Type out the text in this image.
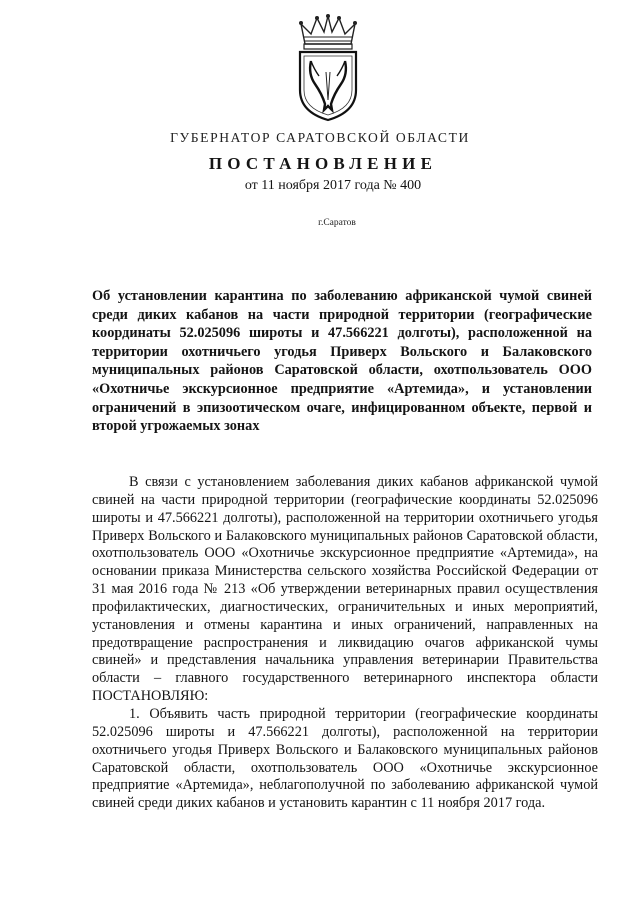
ГУБЕРНАТОР САРАТОВСКОЙ ОБЛАСТИ
ПОСТАНОВЛЕНИЕ
от 11 ноября 2017 года № 400
г.Саратов
Об установлении карантина по заболеванию африканской чумой свиней среди диких кабанов на части природной территории (географические координаты 52.025096 широты и 47.566221 долготы), расположенной на территории охотничьего угодья Приверх Вольского и Балаковского муниципальных районов Саратовской области, охотпользователь ООО «Охотничье экскурсионное предприятие «Артемида», и установлении ограничений в эпизоотическом очаге, инфицированном объекте, первой и второй угрожаемых зонах

В связи с установлением заболевания диких кабанов африканской чумой свиней на части природной территории (географические координаты 52.025096 широты и 47.566221 долготы), расположенной на территории охотничьего угодья Приверх Вольского и Балаковского муниципальных районов Саратовской области, охотпользователь ООО «Охотничье экскурсионное предприятие «Артемида», на основании приказа Министерства сельского хозяйства Российской Федерации от 31 мая 2016 года № 213 «Об утверждении ветеринарных правил осуществления профилактических, диагностических, ограничительных и иных мероприятий, установления и отмены карантина и иных ограничений, направленных на предотвращение распространения и ликвидацию очагов африканской чумы свиней» и представления начальника управления ветеринарии Правительства области – главного государственного ветеринарного инспектора области ПОСТАНОВЛЯЮ:

1. Объявить часть природной территории (географические координаты 52.025096 широты и 47.566221 долготы), расположенной на территории охотничьего угодья Приверх Вольского и Балаковского муниципальных районов Саратовской области, охотпользователь ООО «Охотничье экскурсионное предприятие «Артемида», неблагополучной по заболеванию африканской чумой свиней среди диких кабанов и установить карантин с 11 ноября 2017 года.
